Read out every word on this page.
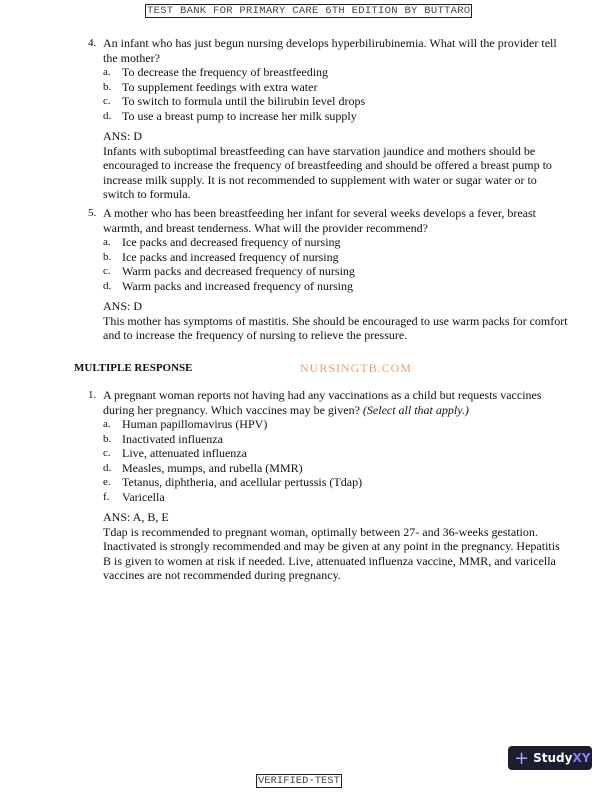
TEST BANK FOR PRIMARY CARE 6TH EDITION BY BUTTARO
4. An infant who has just begun nursing develops hyperbilirubinemia. What will the provider tell the mother?
a. To decrease the frequency of breastfeeding
b. To supplement feedings with extra water
c. To switch to formula until the bilirubin level drops
d. To use a breast pump to increase her milk supply
ANS: D
Infants with suboptimal breastfeeding can have starvation jaundice and mothers should be encouraged to increase the frequency of breastfeeding and should be offered a breast pump to increase milk supply. It is not recommended to supplement with water or sugar water or to switch to formula.
5. A mother who has been breastfeeding her infant for several weeks develops a fever, breast warmth, and breast tenderness. What will the provider recommend?
a. Ice packs and decreased frequency of nursing
b. Ice packs and increased frequency of nursing
c. Warm packs and decreased frequency of nursing
d. Warm packs and increased frequency of nursing
ANS: D
This mother has symptoms of mastitis. She should be encouraged to use warm packs for comfort and to increase the frequency of nursing to relieve the pressure.
MULTIPLE RESPONSE	NURSINGTB.COM
1. A pregnant woman reports not having had any vaccinations as a child but requests vaccines during her pregnancy. Which vaccines may be given? (Select all that apply.)
a. Human papillomavirus (HPV)
b. Inactivated influenza
c. Live, attenuated influenza
d. Measles, mumps, and rubella (MMR)
e. Tetanus, diphtheria, and acellular pertussis (Tdap)
f. Varicella
ANS: A, B, E
Tdap is recommended to pregnant woman, optimally between 27- and 36-weeks gestation. Inactivated is strongly recommended and may be given at any point in the pregnancy. Hepatitis B is given to women at risk if needed. Live, attenuated influenza vaccine, MMR, and varicella vaccines are not recommended during pregnancy.
+ Study XY
VERIFIED-TEST
